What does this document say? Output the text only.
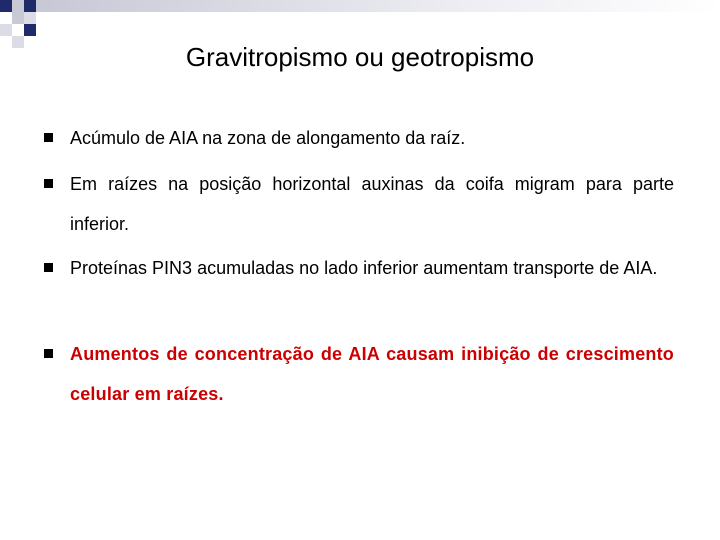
Gravitropismo ou geotropismo
Acúmulo de AIA na zona de alongamento da raíz.
Em raízes na posição horizontal auxinas da coifa migram para parte inferior.
Proteínas PIN3 acumuladas no lado inferior aumentam transporte de AIA.
Aumentos de concentração de AIA causam inibição de crescimento celular em raízes.
